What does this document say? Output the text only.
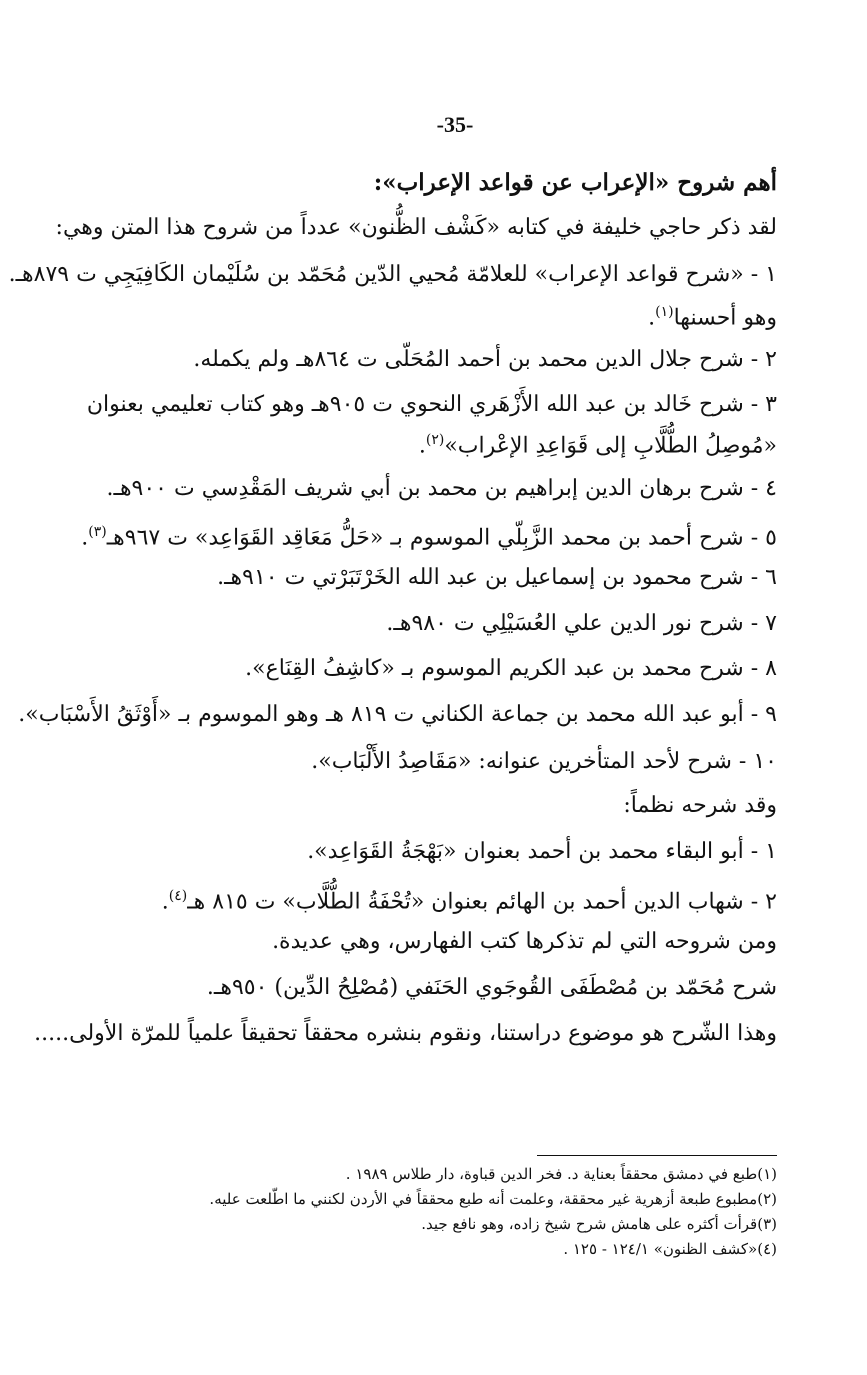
-35-
أهم شروح «الإعراب عن قواعد الإعراب»:
لقد ذكر حاجي خليفة في كتابه «كَشْف الظُّنون» عدداً من شروح هذا المتن وهي:
١ - «شرح قواعد الإعراب» للعلامّة مُحيي الدّين مُحَمّد بن سُلَيْمان الكَافِيَجِي ت ٨٧٩هـ.
وهو أحسنها$^{(١)}$.
٢ - شرح جلال الدين محمد بن أحمد المُحَلّى ت ٨٦٤هـ ولم يكمله.
٣ - شرح خَالد بن عبد الله الأَزْهَري النحوي ت ٩٠٥هـ وهو كتاب تعليمي بعنوان
«مُوصِلُ الطُّلَّابِ إلى قَوَاعِدِ الإعْراب»$^{(٢)}$.
٤ - شرح برهان الدين إبراهيم بن محمد بن أبي شريف المَقْدِسي ت ٩٠٠هـ.
٥ - شرح أحمد بن محمد الزَّبِلّي الموسوم بـ «حَلُّ مَعَاقِد القَوَاعِد» ت ٩٦٧هـ$^{(٣)}$.
٦ - شرح محمود بن إسماعيل بن عبد الله الخَرْتَبَرْتي ت ٩١٠هـ.
٧ - شرح نور الدين علي العُسَيْلِي ت ٩٨٠هـ.
٨ - شرح محمد بن عبد الكريم الموسوم بـ «كاشِفُ القِنَاع».
٩ - أبو عبد الله محمد بن جماعة الكناني ت ٨١٩ هـ وهو الموسوم بـ «أَوْثَقُ الأَسْبَاب».
١٠ - شرح لأحد المتأخرين عنوانه: «مَقَاصِدُ الأَلْبَاب».
وقد شرحه نظماً:
١ - أبو البقاء محمد بن أحمد بعنوان «بَهْجَةُ القَوَاعِد».
٢ - شهاب الدين أحمد بن الهائم بعنوان «تُحْفَةُ الطُّلَّاب» ت ٨١٥ هـ$^{(٤)}$.
ومن شروحه التي لم تذكرها كتب الفهارس، وهي عديدة.
شرح مُحَمّد بن مُصْطَفَى القُوجَوي الحَنَفي (مُصْلِحُ الدِّين) ٩٥٠هـ.
وهذا الشّرح هو موضوع دراستنا، ونقوم بنشره محققاً تحقيقاً علمياً للمرّة الأولى.....
(١)طبع في دمشق محققاً بعناية د. فخر الدين قباوة، دار طلاس ١٩٨٩ .
(٢)مطبوع طبعة أزهرية غير محققة، وعلمت أنه طبع محققاً في الأردن لكنني ما اطّلعت عليه.
(٣)قرأت أكثره على هامش شرح شيخ زاده، وهو نافع جيد.
(٤)«كشف الظنون» ١٢٤/١ - ١٢٥ .
